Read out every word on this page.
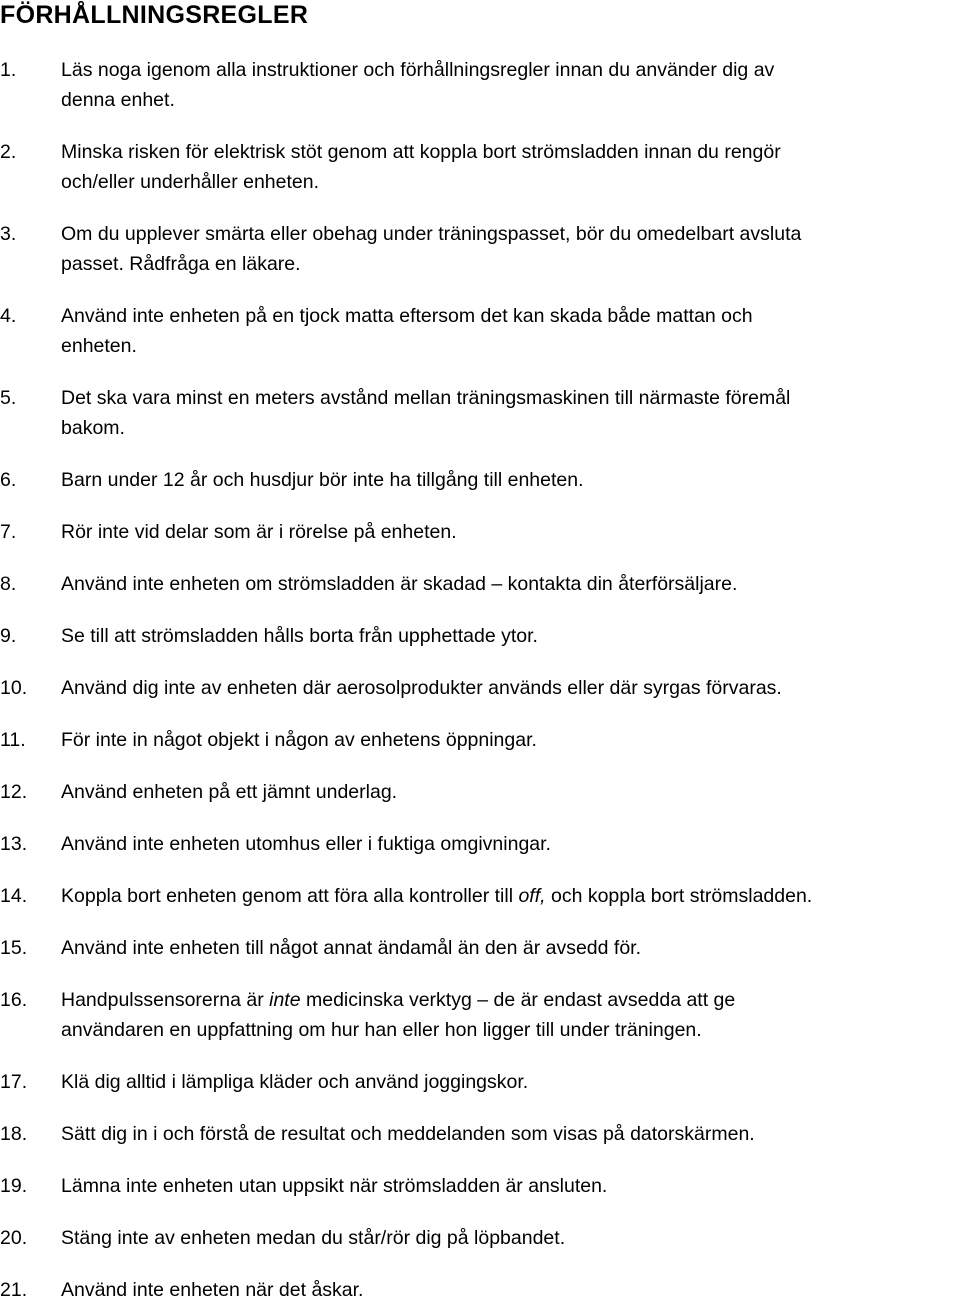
FÖRHÅLLNINGSREGLER
1. Läs noga igenom alla instruktioner och förhållningsregler innan du använder dig av
denna enhet.
2. Minska risken för elektrisk stöt genom att koppla bort strömsladden innan du rengör
och/eller underhåller enheten.
3. Om du upplever smärta eller obehag under träningspasset, bör du omedelbart avsluta
passet. Rådfråga en läkare.
4. Använd inte enheten på en tjock matta eftersom det kan skada både mattan och
enheten.
5. Det ska vara minst en meters avstånd mellan träningsmaskinen till närmaste föremål
bakom.
6. Barn under 12 år och husdjur bör inte ha tillgång till enheten.
7. Rör inte vid delar som är i rörelse på enheten.
8. Använd inte enheten om strömsladden är skadad – kontakta din återförsäljare.
9. Se till att strömsladden hålls borta från upphettade ytor.
10. Använd dig inte av enheten där aerosolprodukter används eller där syrgas förvaras.
11. För inte in något objekt i någon av enhetens öppningar.
12. Använd enheten på ett jämnt underlag.
13. Använd inte enheten utomhus eller i fuktiga omgivningar.
14. Koppla bort enheten genom att föra alla kontroller till off, och koppla bort strömsladden.
15. Använd inte enheten till något annat ändamål än den är avsedd för.
16. Handpulssensorerna är inte medicinska verktyg – de är endast avsedda att ge
användaren en uppfattning om hur han eller hon ligger till under träningen.
17. Klä dig alltid i lämpliga kläder och använd joggingskor.
18. Sätt dig in i och förstå de resultat och meddelanden som visas på datorskärmen.
19. Lämna inte enheten utan uppsikt när strömsladden är ansluten.
20. Stäng inte av enheten medan du står/rör dig på löpbandet.
21. Använd inte enheten när det åskar.
